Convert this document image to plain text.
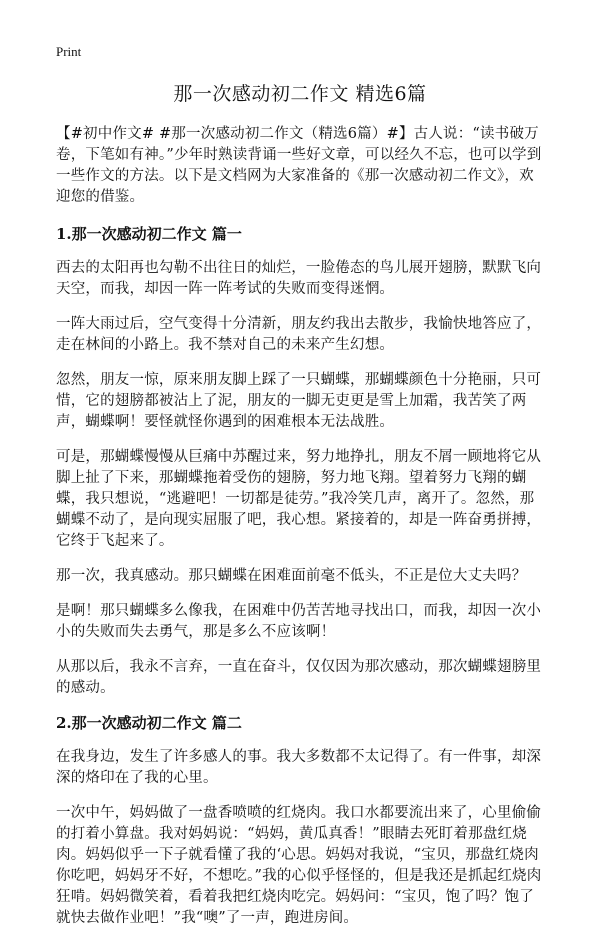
Print
那一次感动初二作文 精选6篇

【#初中作文# #那一次感动初二作文（精选6篇）#】古人说：“读书破万卷，下笔如有神。”少年时熟读背诵一些好文章，可以经久不忘，也可以学到一些作文的方法。以下是文档网为大家准备的《那一次感动初二作文》，欢迎您的借鉴。

1.那一次感动初二作文 篇一

西去的太阳再也勾勒不出往日的灿烂，一脸倦态的鸟儿展开翅膀，默默飞向天空，而我，却因一阵一阵考试的失败而变得迷惘。

一阵大雨过后，空气变得十分清新，朋友约我出去散步，我愉快地答应了，走在林间的小路上。我不禁对自己的未来产生幻想。

忽然，朋友一惊，原来朋友脚上踩了一只蝴蝶，那蝴蝶颜色十分艳丽，只可惜，它的翅膀都被沾上了泥，朋友的一脚无吏更是雪上加霜，我苦笑了两声，蝴蝶啊！要怪就怪你遇到的困难根本无法战胜。

可是，那蝴蝶慢慢从巨痛中苏醒过来，努力地挣扎，朋友不屑一顾地将它从脚上扯了下来，那蝴蝶拖着受伤的翅膀，努力地飞翔。望着努力飞翔的蝴蝶，我只想说，“逃避吧！一切都是徒劳。”我冷笑几声，离开了。忽然，那蝴蝶不动了，是向现实屈服了吧，我心想。紧接着的，却是一阵奋勇拼搏，它终于飞起来了。

那一次，我真感动。那只蝴蝶在困难面前毫不低头，不正是位大丈夫吗？

是啊！那只蝴蝶多么像我，在困难中仍苦苦地寻找出口，而我，却因一次小小的失败而失去勇气，那是多么不应该啊！

从那以后，我永不言弃，一直在奋斗，仅仅因为那次感动，那次蝴蝶翅膀里的感动。

2.那一次感动初二作文 篇二

在我身边，发生了许多感人的事。我大多数都不太记得了。有一件事，却深深的烙印在了我的心里。

一次中午，妈妈做了一盘香喷喷的红烧肉。我口水都要流出来了，心里偷偷的打着小算盘。我对妈妈说：“妈妈，黄瓜真香！”眼睛去死盯着那盘红烧肉。妈妈似乎一下子就看懂了我的‘心思。妈妈对我说，“宝贝，那盘红烧肉你吃吧，妈妈牙不好，不想吃。”我的心似乎怪怪的，但是我还是抓起红烧肉狂啃。妈妈微笑着，看着我把红烧肉吃完。妈妈问：“宝贝，饱了吗？饱了就快去做作业吧！”我“噢”了一声，跑进房间。
